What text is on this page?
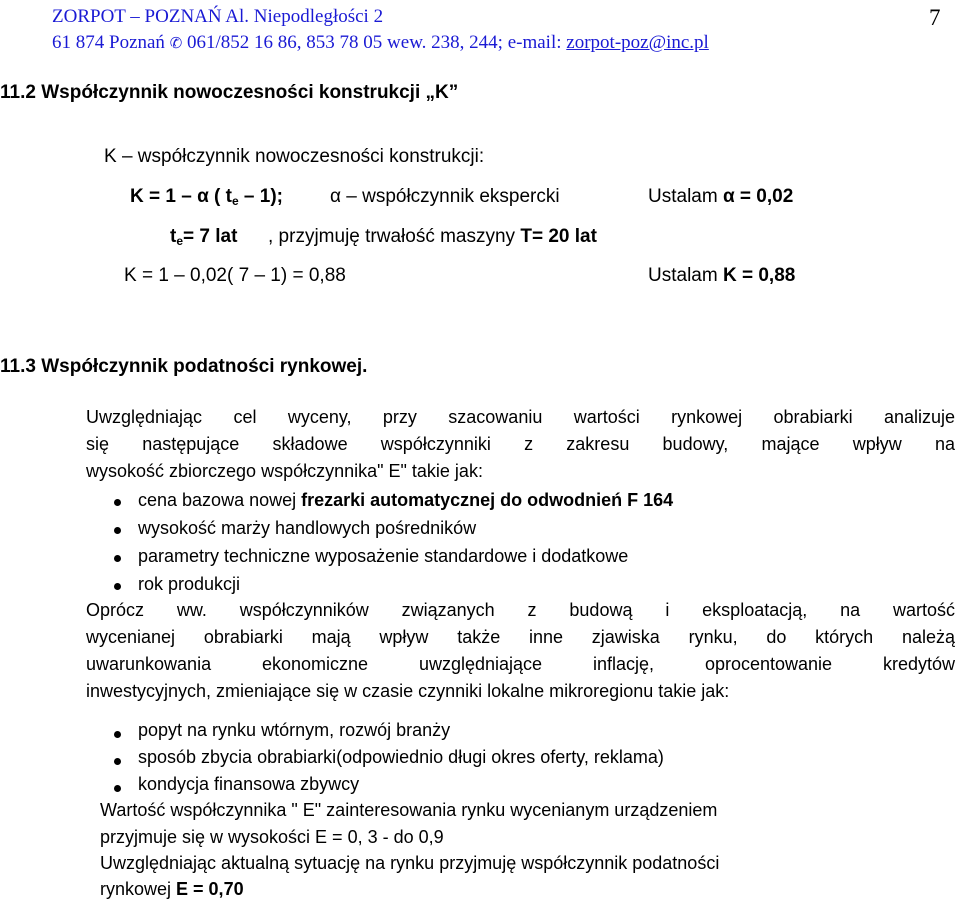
ZORPOT – POZNAŃ Al. Niepodległości 2	7
61 874 Poznań ✆ 061/852 16 86, 853 78 05 wew. 238, 244; e-mail: zorpot-poz@inc.pl
11.2 Współczynnik nowoczesności konstrukcji „K”
K – współczynnik nowoczesności konstrukcji:
K = 1 – α ( $t_e - 1$); α – współczynnik ekspercki	Ustalam α = 0,02
$t_e= 7$ lat , przyjmuję trwałość maszyny T= 20 lat
K = 1 – 0,02( 7 – 1) = 0,88	Ustalam K = 0,88
11.3 Współczynnik podatności rynkowej.
Uwzględniając cel wyceny, przy szacowaniu wartości rynkowej obrabiarki analizuje
się następujące składowe współczynniki z zakresu budowy, mające wpływ na
wysokość zbiorczego współczynnika" E" takie jak:
cena bazowa nowej frezarki automatycznej do odwodnień F 164
wysokość marży handlowych pośredników
parametry techniczne wyposażenie standardowe i dodatkowe
rok produkcji
Oprócz ww. współczynników związanych z budową i eksploatacją, na wartość
wycenianej obrabiarki mają wpływ także inne zjawiska rynku, do których należą
uwarunkowania ekonomiczne uwzględniające inflację, oprocentowanie kredytów
inwestycyjnych, zmieniające się w czasie czynniki lokalne mikroregionu takie jak:
popyt na rynku wtórnym, rozwój branży
sposób zbycia obrabiarki(odpowiednio długi okres oferty, reklama)
kondycja finansowa zbywcy
Wartość współczynnika " E" zainteresowania rynku wycenianym urządzeniem
przyjmuje się w wysokości E = 0, 3 - do 0,9
Uwzględniając aktualną sytuację na rynku przyjmuję współczynnik podatności
rynkowej E = 0,70
